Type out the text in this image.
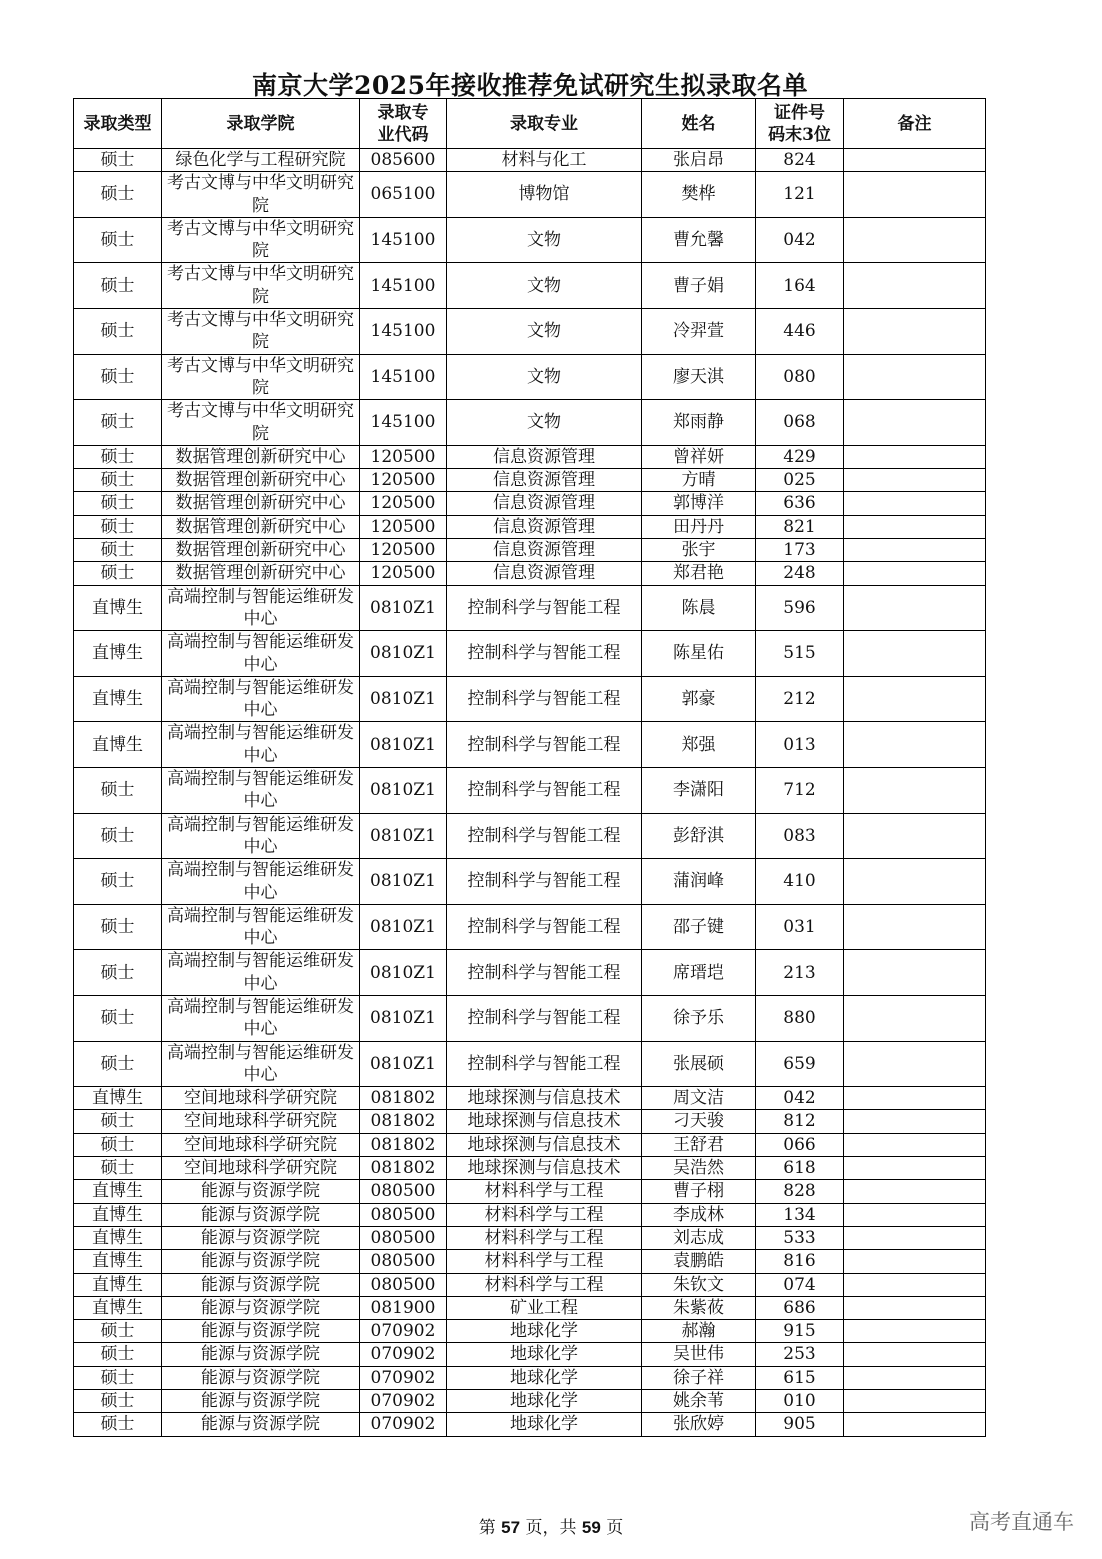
南京大学2025年接收推荐免试研究生拟录取名单
录取类型	录取学院	录取专业代码	录取专业	姓名	证件号码末3位	备注
硕士	绿色化学与工程研究院	085600	材料与化工	张启昂	824	
硕士	考古文博与中华文明研究院	065100	博物馆	樊桦	121	
硕士	考古文博与中华文明研究院	145100	文物	曹允馨	042	
硕士	考古文博与中华文明研究院	145100	文物	曹子娟	164	
硕士	考古文博与中华文明研究院	145100	文物	冷羿萱	446	
硕士	考古文博与中华文明研究院	145100	文物	廖天淇	080	
硕士	考古文博与中华文明研究院	145100	文物	郑雨静	068	
硕士	数据管理创新研究中心	120500	信息资源管理	曾祥妍	429	
硕士	数据管理创新研究中心	120500	信息资源管理	方晴	025	
硕士	数据管理创新研究中心	120500	信息资源管理	郭博洋	636	
硕士	数据管理创新研究中心	120500	信息资源管理	田丹丹	821	
硕士	数据管理创新研究中心	120500	信息资源管理	张宇	173	
硕士	数据管理创新研究中心	120500	信息资源管理	郑君艳	248	
直博生	高端控制与智能运维研发中心	0810Z1	控制科学与智能工程	陈晨	596	
直博生	高端控制与智能运维研发中心	0810Z1	控制科学与智能工程	陈星佑	515	
直博生	高端控制与智能运维研发中心	0810Z1	控制科学与智能工程	郭豪	212	
直博生	高端控制与智能运维研发中心	0810Z1	控制科学与智能工程	郑强	013	
硕士	高端控制与智能运维研发中心	0810Z1	控制科学与智能工程	李潇阳	712	
硕士	高端控制与智能运维研发中心	0810Z1	控制科学与智能工程	彭舒淇	083	
硕士	高端控制与智能运维研发中心	0810Z1	控制科学与智能工程	蒲润峰	410	
硕士	高端控制与智能运维研发中心	0810Z1	控制科学与智能工程	邵子键	031	
硕士	高端控制与智能运维研发中心	0810Z1	控制科学与智能工程	席瑨垲	213	
硕士	高端控制与智能运维研发中心	0810Z1	控制科学与智能工程	徐予乐	880	
硕士	高端控制与智能运维研发中心	0810Z1	控制科学与智能工程	张展硕	659	
直博生	空间地球科学研究院	081802	地球探测与信息技术	周文洁	042	
硕士	空间地球科学研究院	081802	地球探测与信息技术	刁天骏	812	
硕士	空间地球科学研究院	081802	地球探测与信息技术	王舒君	066	
硕士	空间地球科学研究院	081802	地球探测与信息技术	吴浩然	618	
直博生	能源与资源学院	080500	材料科学与工程	曹子栩	828	
直博生	能源与资源学院	080500	材料科学与工程	李成林	134	
直博生	能源与资源学院	080500	材料科学与工程	刘志成	533	
直博生	能源与资源学院	080500	材料科学与工程	袁鹏皓	816	
直博生	能源与资源学院	080500	材料科学与工程	朱钦文	074	
直博生	能源与资源学院	081900	矿业工程	朱紫莜	686	
硕士	能源与资源学院	070902	地球化学	郝瀚	915	
硕士	能源与资源学院	070902	地球化学	吴世伟	253	
硕士	能源与资源学院	070902	地球化学	徐子祥	615	
硕士	能源与资源学院	070902	地球化学	姚余苇	010	
硕士	能源与资源学院	070902	地球化学	张欣婷	905	
第 57 页，共 59 页	高考直通车
